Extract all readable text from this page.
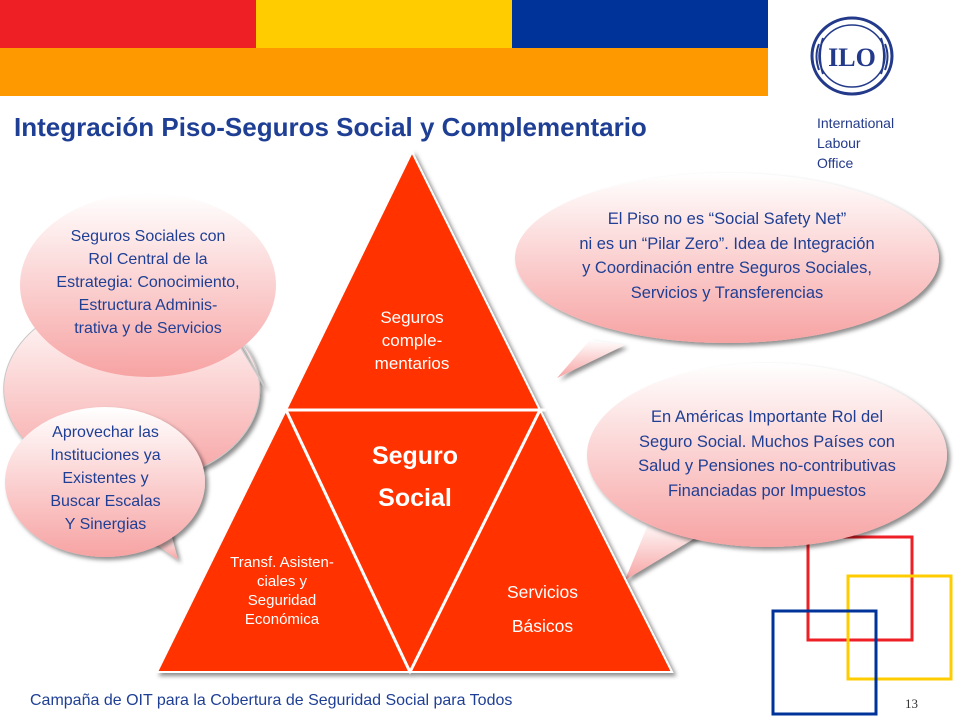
ILO
International
Labour
Office
Integración Piso-Seguros Social y Complementario
Seguros Sociales con
Rol Central de la
Estrategia: Conocimiento,
Estructura Adminis-
trativa y de Servicios
Aprovechar las
Instituciones ya
Existentes y
Buscar Escalas
Y Sinergias
El Piso no es “Social Safety Net”
ni es un “Pilar Zero”. Idea de Integración
y Coordinación entre Seguros Sociales,
Servicios y Transferencias
En Américas Importante Rol del
Seguro Social. Muchos Países con
Salud y Pensiones no-contributivas
Financiadas por Impuestos
Seguros comple- mentarios
Seguro
Social
Transf. Asisten- ciales y Seguridad Económica
Servicios
Básicos
Campaña de OIT para la Cobertura de Seguridad Social para Todos	13
